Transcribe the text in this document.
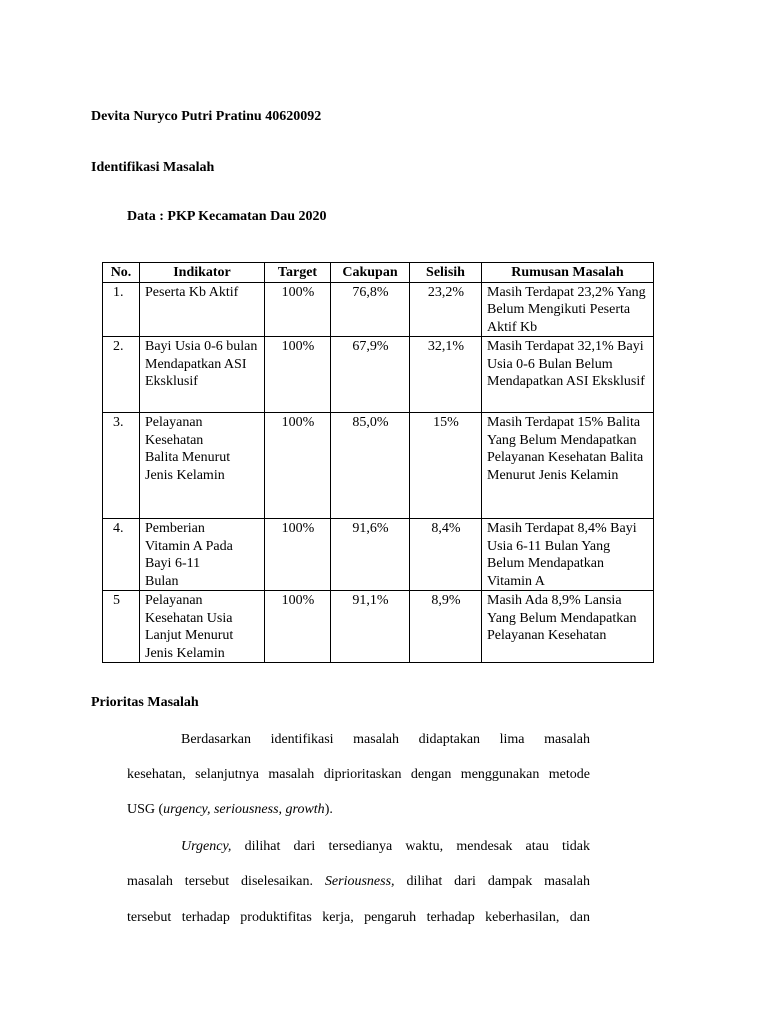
Devita Nuryco Putri Pratinu 40620092
Identifikasi Masalah
Data : PKP Kecamatan Dau 2020
No.	Indikator	Target	Cakupan	Selisih	Rumusan Masalah
1.	Peserta Kb Aktif	100%	76,8%	23,2%	Masih Terdapat 23,2% Yang Belum Mengikuti Peserta Aktif Kb
2.	Bayi Usia 0-6 bulan Mendapatkan ASI Eksklusif	100%	67,9%	32,1%	Masih Terdapat 32,1% Bayi Usia 0-6 Bulan Belum Mendapatkan ASI Eksklusif
3.	Pelayanan Kesehatan Balita Menurut Jenis Kelamin	100%	85,0%	15%	Masih Terdapat 15% Balita Yang Belum Mendapatkan Pelayanan Kesehatan Balita Menurut Jenis Kelamin
4.	Pemberian Vitamin A Pada Bayi 6-11 Bulan	100%	91,6%	8,4%	Masih Terdapat 8,4% Bayi Usia 6-11 Bulan Yang Belum Mendapatkan Vitamin A
5	Pelayanan Kesehatan Usia Lanjut Menurut Jenis Kelamin	100%	91,1%	8,9%	Masih Ada 8,9% Lansia Yang Belum Mendapatkan Pelayanan Kesehatan
Prioritas Masalah
Berdasarkan identifikasi masalah didaptakan lima masalah
kesehatan, selanjutnya masalah diprioritaskan dengan menggunakan metode
USG (urgency, seriousness, growth).
Urgency, dilihat dari tersedianya waktu, mendesak atau tidak
masalah tersebut diselesaikan. Seriousness, dilihat dari dampak masalah
tersebut terhadap produktifitas kerja, pengaruh terhadap keberhasilan, dan
